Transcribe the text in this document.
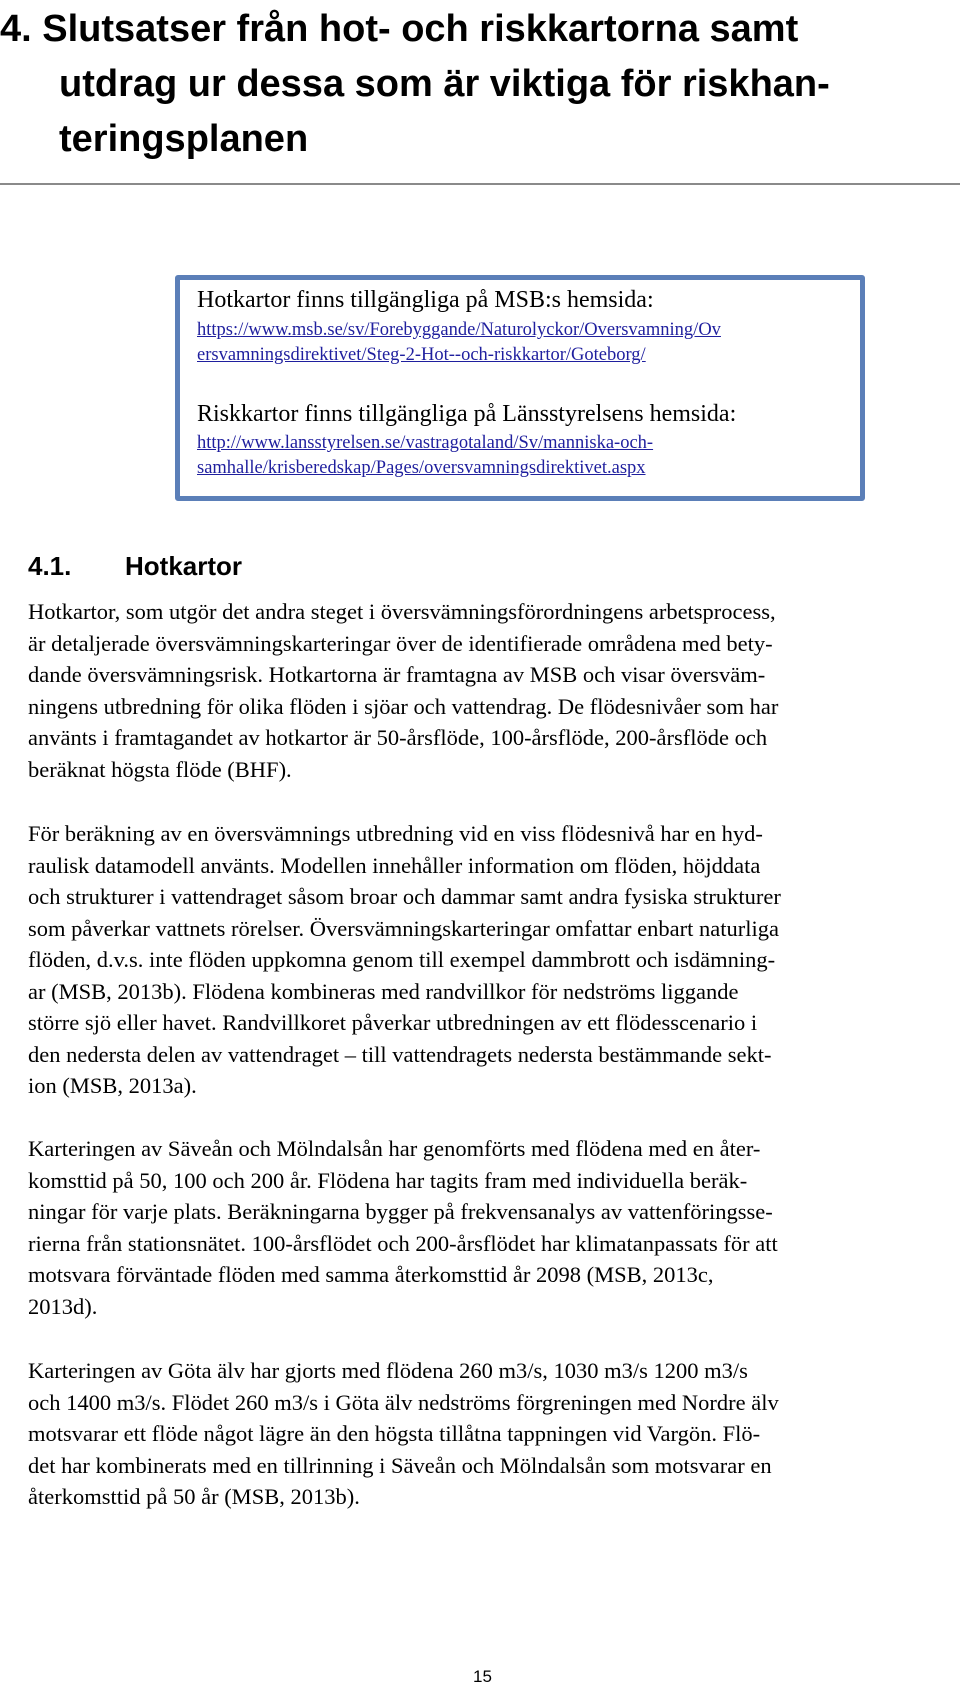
4. Slutsatser från hot- och riskkartorna samt
utdrag ur dessa som är viktiga för riskhan-
teringsplanen
Hotkartor finns tillgängliga på MSB:s hemsida:
https://www.msb.se/sv/Forebyggande/Naturolyckor/Oversvamning/Ov
ersvamningsdirektivet/Steg-2-Hot--och-riskkartor/Goteborg/
Riskkartor finns tillgängliga på Länsstyrelsens hemsida:
http://www.lansstyrelsen.se/vastragotaland/Sv/manniska-och-
samhalle/krisberedskap/Pages/oversvamningsdirektivet.aspx
4.1. Hotkartor
Hotkartor, som utgör det andra steget i översvämningsförordningens arbetsprocess,
är detaljerade översvämningskarteringar över de identifierade områdena med bety-
dande översvämningsrisk. Hotkartorna är framtagna av MSB och visar översväm-
ningens utbredning för olika flöden i sjöar och vattendrag. De flödesnivåer som har
använts i framtagandet av hotkartor är 50-årsflöde, 100-årsflöde, 200-årsflöde och
beräknat högsta flöde (BHF).
För beräkning av en översvämnings utbredning vid en viss flödesnivå har en hyd-
raulisk datamodell använts. Modellen innehåller information om flöden, höjddata
och strukturer i vattendraget såsom broar och dammar samt andra fysiska strukturer
som påverkar vattnets rörelser. Översvämningskarteringar omfattar enbart naturliga
flöden, d.v.s. inte flöden uppkomna genom till exempel dammbrott och isdämning-
ar (MSB, 2013b). Flödena kombineras med randvillkor för nedströms liggande
större sjö eller havet. Randvillkoret påverkar utbredningen av ett flödesscenario i
den nedersta delen av vattendraget – till vattendragets nedersta bestämmande sekt-
ion (MSB, 2013a).
Karteringen av Säveån och Mölndalsån har genomförts med flödena med en åter-
komsttid på 50, 100 och 200 år. Flödena har tagits fram med individuella beräk-
ningar för varje plats. Beräkningarna bygger på frekvensanalys av vattenföringsse-
rierna från stationsnätet. 100-årsflödet och 200-årsflödet har klimatanpassats för att
motsvara förväntade flöden med samma återkomsttid år 2098 (MSB, 2013c,
2013d).
Karteringen av Göta älv har gjorts med flödena 260 m3/s, 1030 m3/s 1200 m3/s
och 1400 m3/s. Flödet 260 m3/s i Göta älv nedströms förgreningen med Nordre älv
motsvarar ett flöde något lägre än den högsta tillåtna tappningen vid Vargön. Flö-
det har kombinerats med en tillrinning i Säveån och Mölndalsån som motsvarar en
återkomsttid på 50 år (MSB, 2013b).
15
